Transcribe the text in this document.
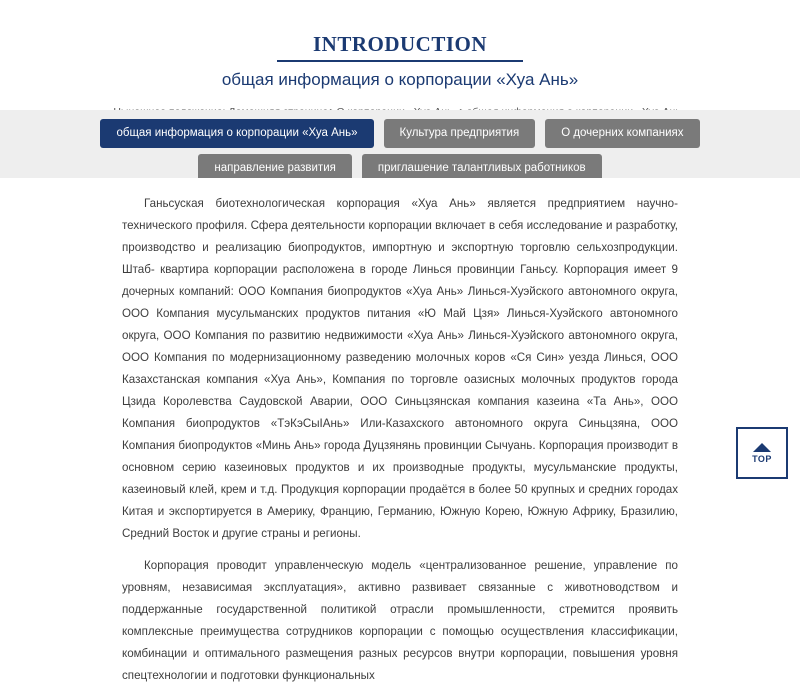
INTRODUCTION
общая информация о корпорации «Хуа Ань»
общая информация о корпорации «Хуа Ань»	Культура предприятия	О дочерних компаниях
направление развития	приглашение талантливых работников

Ганьсуская биотехнологическая корпорация «Хуа Ань» является предприятием научно-технического профиля. Сфера деятельности корпорации включает в себя исследование и разработку, производство и реализацию биопродуктов, импортную и экспортную торговлю сельхозпродукции. Штаб- квартира корпорации расположена в городе Линься провинции Ганьсу. Корпорация имеет 9 дочерных компаний: ООО Компания биопродуктов «Хуа Ань» Линься-Хуэйского автономного округа, ООО Компания мусульманских продуктов питания «Ю Май Цзя» Линься-Хуэйского автономного округа, ООО Компания по развитию недвижимости «Хуа Ань» Линься-Хуэйского автономного округа, ООО Компания по модернизационному разведению молочных коров «Ся Син» уезда Линься, ООО Казахстанская компания «Хуа Ань», Компания по торговле оазисных молочных продуктов города Цзида Королевства Саудовской Аварии, ООО Синьцзянская компания казеина «Та Ань», ООО Компания биопродуктов «ТэКэСыІАнь» Или-Казахского автономного округа Синьцзяна, ООО Компания биопродуктов «Минь Ань» города Дуцзянянь провинции Сычуань. Корпорация производит в основном серию казеиновых продуктов и их производные продукты, мусульманские продукты, казеиновый клей, крем и т.д. Продукция корпорации продаётся в более 50 крупных и средних городах Китая и экспортируется в Америку, Францию, Германию, Южную Корею, Южную Африку, Бразилию, Средний Восток и другие страны и регионы.

Корпорация проводит управленческую модель «централизованное решение, управление по уровням, независимая эксплуатация», активно развивает связанные с животноводством и поддержанные государственной политикой отрасли промышленности, стремится проявить комплексные преимущества сотрудников корпорации с помощью осуществления классификации, комбинации и оптимального размещения разных ресурсов внутри корпорации, повышения уровня спецтехнологии и подготовки функциональных

TOP
